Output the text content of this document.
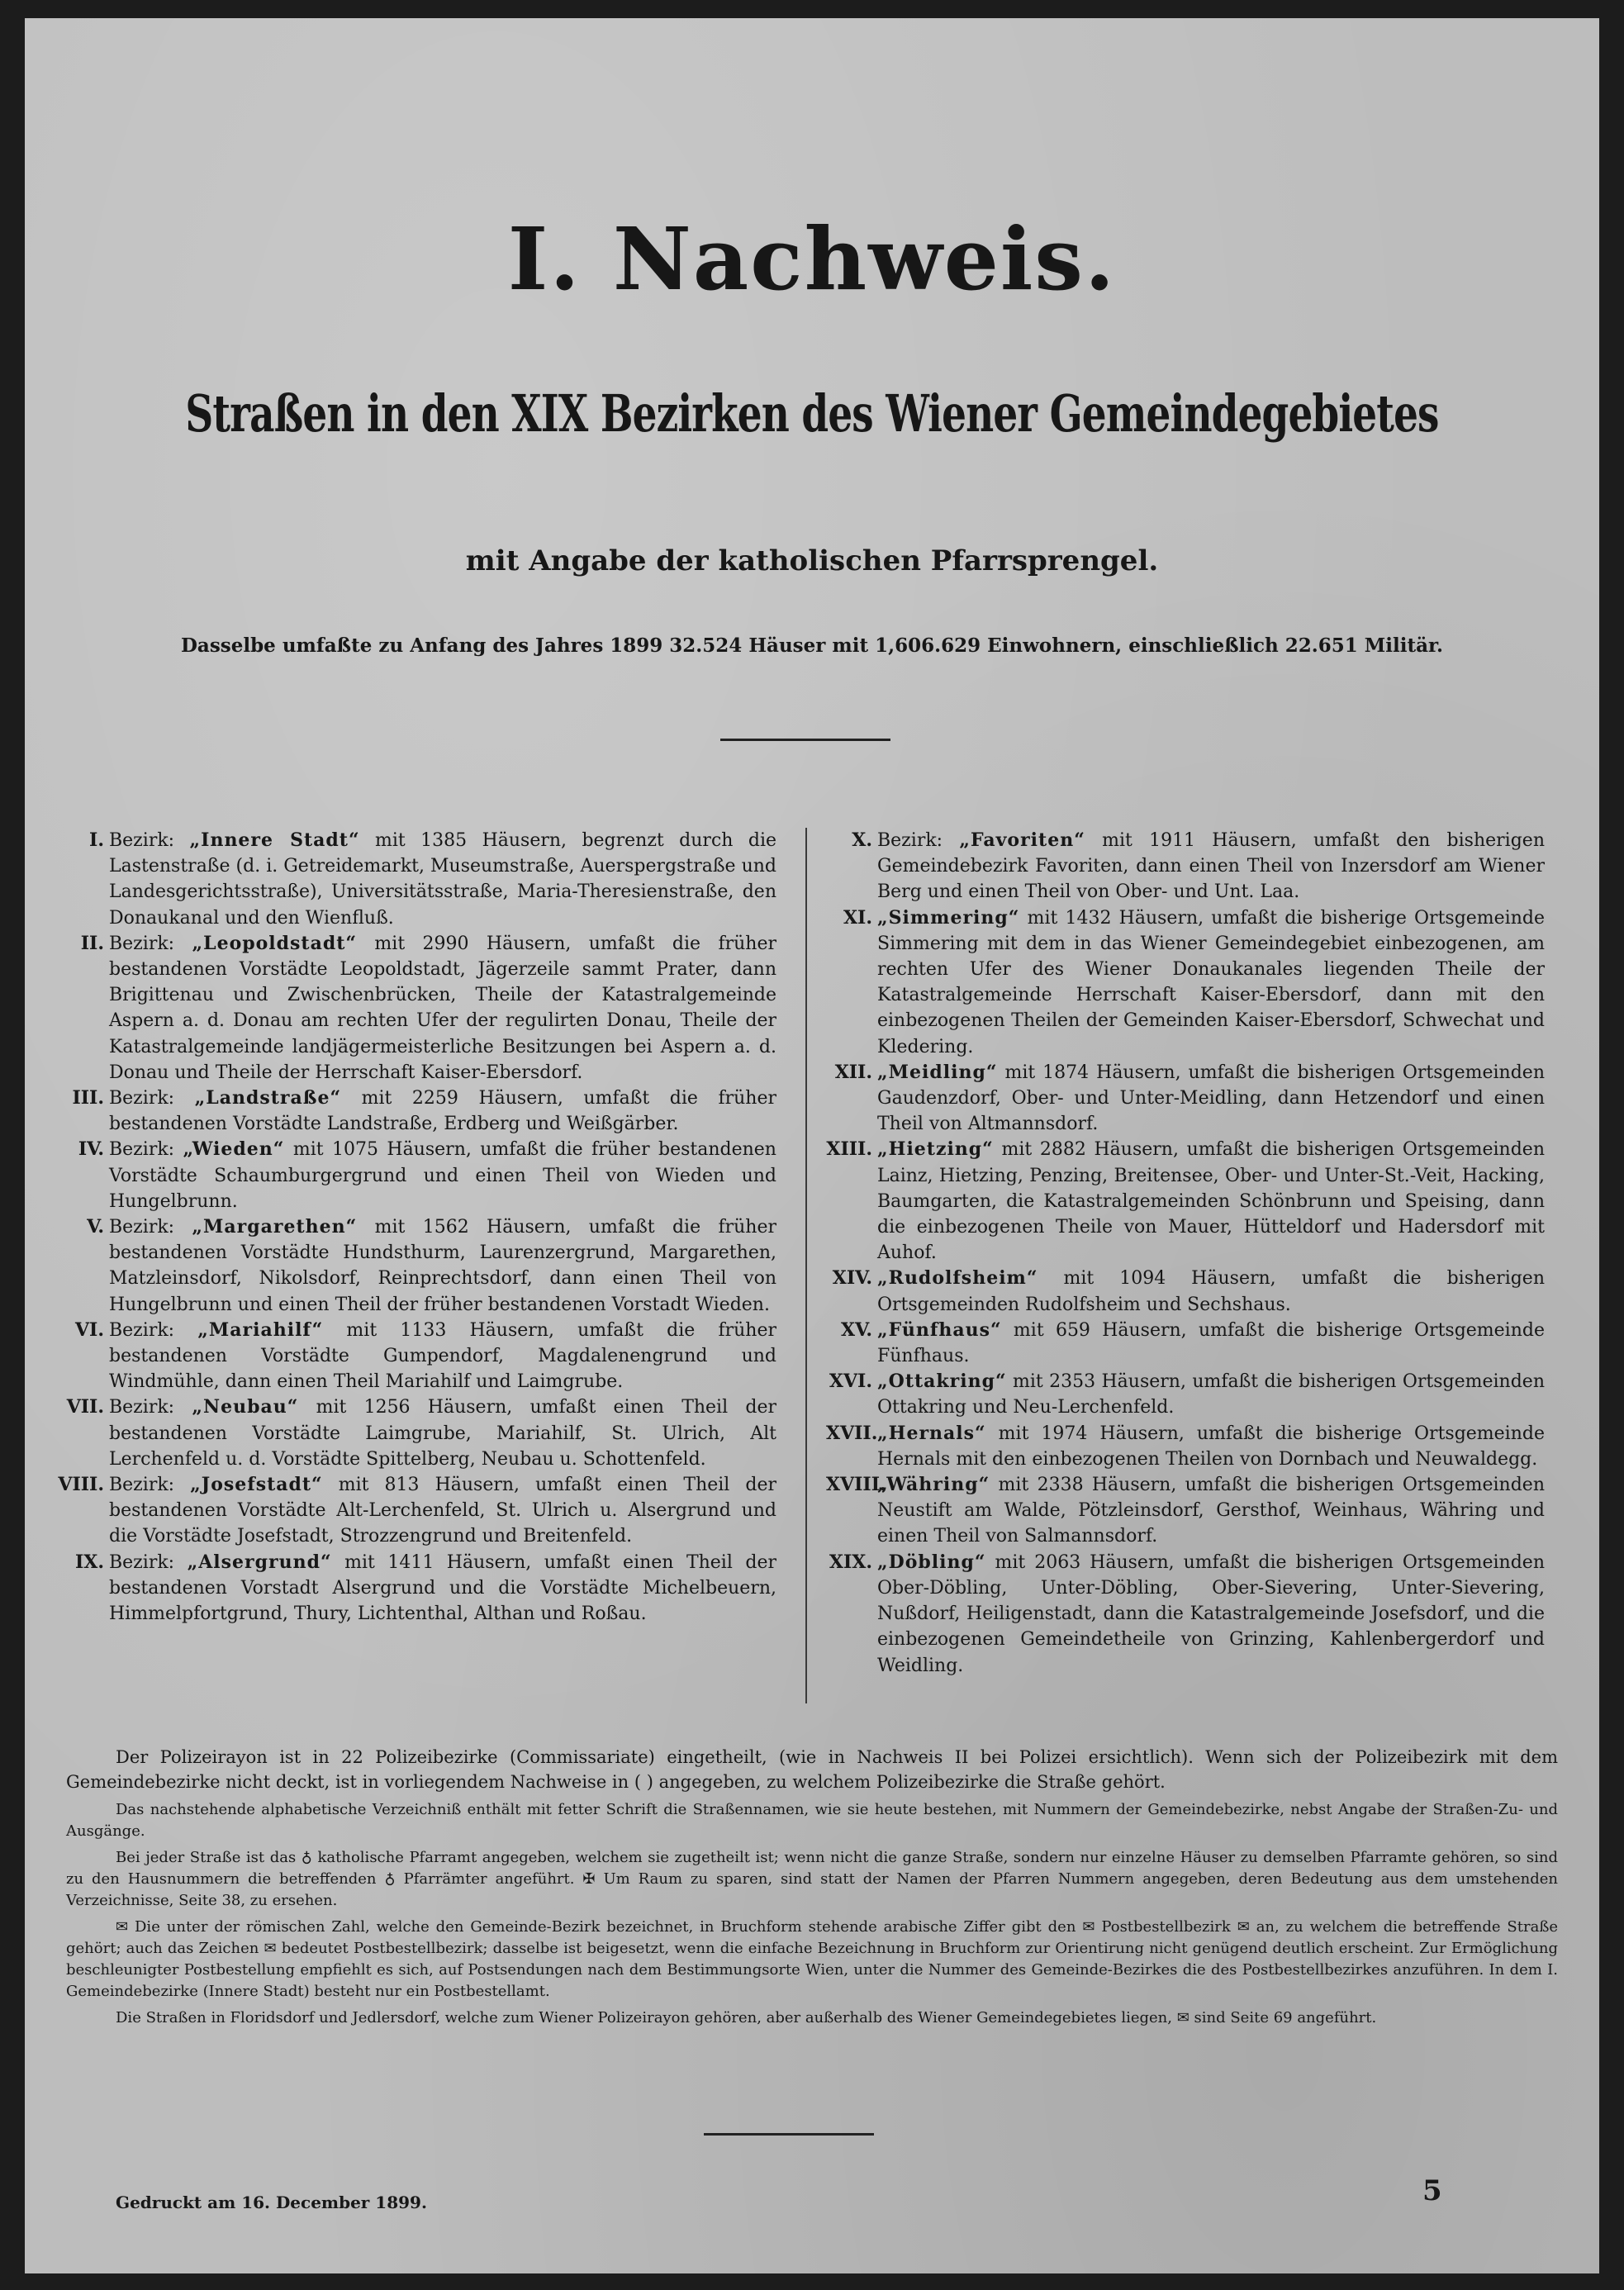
I. Nachweis.
Straßen in den XIX Bezirken des Wiener Gemeindegebietes
mit Angabe der katholischen Pfarrsprengel.
Dasselbe umfaßte zu Anfang des Jahres 1899 32.524 Häuser mit 1,606.629 Einwohnern, einschließlich 22.651 Militär.

I. Bezirk: „Innere Stadt“ mit 1385 Häusern, begrenzt durch die Lastenstraße (d. i. Getreidemarkt, Museumstraße, Auerspergstraße und Landesgerichtsstraße), Universitätsstraße, Maria-Theresienstraße, den Donaukanal und den Wienfluß.

II. Bezirk: „Leopoldstadt“ mit 2990 Häusern, umfaßt die früher bestandenen Vorstädte Leopoldstadt, Jägerzeile sammt Prater, dann Brigittenau und Zwischenbrücken, Theile der Katastralgemeinde Aspern a. d. Donau am rechten Ufer der regulirten Donau, Theile der Katastralgemeinde landjägermeisterliche Besitzungen bei Aspern a. d. Donau und Theile der Herrschaft Kaiser-Ebersdorf.

III. Bezirk: „Landstraße“ mit 2259 Häusern, umfaßt die früher bestandenen Vorstädte Landstraße, Erdberg und Weißgärber.

IV. Bezirk: „Wieden“ mit 1075 Häusern, umfaßt die früher bestandenen Vorstädte Schaumburgergrund und einen Theil von Wieden und Hungelbrunn.

V. Bezirk: „Margarethen“ mit 1562 Häusern, umfaßt die früher bestandenen Vorstädte Hundsthurm, Laurenzergrund, Margarethen, Matzleinsdorf, Nikolsdorf, Reinprechtsdorf, dann einen Theil von Hungelbrunn und einen Theil der früher bestandenen Vorstadt Wieden.

VI. Bezirk: „Mariahilf“ mit 1133 Häusern, umfaßt die früher bestandenen Vorstädte Gumpendorf, Magdalenengrund und Windmühle, dann einen Theil Mariahilf und Laimgrube.

VII. Bezirk: „Neubau“ mit 1256 Häusern, umfaßt einen Theil der bestandenen Vorstädte Laimgrube, Mariahilf, St. Ulrich, Alt Lerchenfeld u. d. Vorstädte Spittelberg, Neubau u. Schottenfeld.

VIII. Bezirk: „Josefstadt“ mit 813 Häusern, umfaßt einen Theil der bestandenen Vorstädte Alt-Lerchenfeld, St. Ulrich u. Alsergrund und die Vorstädte Josefstadt, Strozzengrund und Breitenfeld.

IX. Bezirk: „Alsergrund“ mit 1411 Häusern, umfaßt einen Theil der bestandenen Vorstadt Alsergrund und die Vorstädte Michelbeuern, Himmelpfortgrund, Thury, Lichtenthal, Althan und Roßau.

X. Bezirk: „Favoriten“ mit 1911 Häusern, umfaßt den bisherigen Gemeindebezirk Favoriten, dann einen Theil von Inzersdorf am Wiener Berg und einen Theil von Ober- und Unt. Laa.

XI. „Simmering“ mit 1432 Häusern, umfaßt die bisherige Ortsgemeinde Simmering mit dem in das Wiener Gemeindegebiet einbezogenen, am rechten Ufer des Wiener Donaukanales liegenden Theile der Katastralgemeinde Herrschaft Kaiser-Ebersdorf, dann mit den einbezogenen Theilen der Gemeinden Kaiser-Ebersdorf, Schwechat und Kledering.

XII. „Meidling“ mit 1874 Häusern, umfaßt die bisherigen Ortsgemeinden Gaudenzdorf, Ober- und Unter-Meidling, dann Hetzendorf und einen Theil von Altmannsdorf.

XIII. „Hietzing“ mit 2882 Häusern, umfaßt die bisherigen Ortsgemeinden Lainz, Hietzing, Penzing, Breitensee, Ober- und Unter-St.-Veit, Hacking, Baumgarten, die Katastralgemeinden Schönbrunn und Speising, dann die einbezogenen Theile von Mauer, Hütteldorf und Hadersdorf mit Auhof.

XIV. „Rudolfsheim“ mit 1094 Häusern, umfaßt die bisherigen Ortsgemeinden Rudolfsheim und Sechshaus.

XV. „Fünfhaus“ mit 659 Häusern, umfaßt die bisherige Ortsgemeinde Fünfhaus.

XVI. „Ottakring“ mit 2353 Häusern, umfaßt die bisherigen Ortsgemeinden Ottakring und Neu-Lerchenfeld.

XVII. „Hernals“ mit 1974 Häusern, umfaßt die bisherige Ortsgemeinde Hernals mit den einbezogenen Theilen von Dornbach und Neuwaldegg.

XVIII.
„Währing“ mit 2338 Häusern, umfaßt die bisherigen Ortsgemeinden Neustift am Walde, Pötzleinsdorf, Gersthof, Weinhaus, Währing und einen Theil von Salmannsdorf.

XIX. „Döbling“ mit 2063 Häusern, umfaßt die bisherigen Ortsgemeinden Ober-Döbling, Unter-Döbling, Ober-Sievering, Unter-Sievering, Nußdorf, Heiligenstadt, dann die Katastralgemeinde Josefsdorf, und die einbezogenen Gemeindetheile von Grinzing, Kahlenbergerdorf und Weidling.

Der Polizeirayon ist in 22 Polizeibezirke (Commissariate) eingetheilt, (wie in Nachweis II bei Polizei ersichtlich). Wenn sich der Polizeibezirk mit dem Gemeindebezirke nicht deckt, ist in vorliegendem Nachweise in ( ) angegeben, zu welchem Polizeibezirke die Straße gehört.

Das nachstehende alphabetische Verzeichniß enthält mit fetter Schrift die Straßennamen, wie sie heute bestehen, mit Nummern der Gemeindebezirke, nebst Angabe der Straßen-Zu- und Ausgänge.

Bei jeder Straße ist das ♁ katholische Pfarramt angegeben, welchem sie zugetheilt ist; wenn nicht die ganze Straße, sondern nur einzelne Häuser zu demselben Pfarramte gehören, so sind zu den Hausnummern die betreffenden ♁ Pfarrämter angeführt. ✠ Um Raum zu sparen, sind statt der Namen der Pfarren Nummern angegeben, deren Bedeutung aus dem umstehenden Verzeichnisse, Seite 38, zu ersehen.

✉ Die unter der römischen Zahl, welche den Gemeinde-Bezirk bezeichnet, in Bruchform stehende arabische Ziffer gibt den ✉ Postbestellbezirk ✉ an, zu welchem die betreffende Straße gehört; auch das Zeichen ✉ bedeutet Postbestellbezirk; dasselbe ist beigesetzt, wenn die einfache Bezeichnung in Bruchform zur Orientirung nicht genügend deutlich erscheint. Zur Ermöglichung beschleunigter Postbestellung empfiehlt es sich, auf Postsendungen nach dem Bestimmungsorte Wien, unter die Nummer des Gemeinde-Bezirkes die des Postbestellbezirkes anzuführen. In dem I. Gemeindebezirke (Innere Stadt) besteht nur ein Postbestellamt.

Die Straßen in Floridsdorf und Jedlersdorf, welche zum Wiener Polizeirayon gehören, aber außerhalb des Wiener Gemeindegebietes liegen, ✉ sind Seite 69 angeführt.

Gedruckt am 16. December 1899.	5
